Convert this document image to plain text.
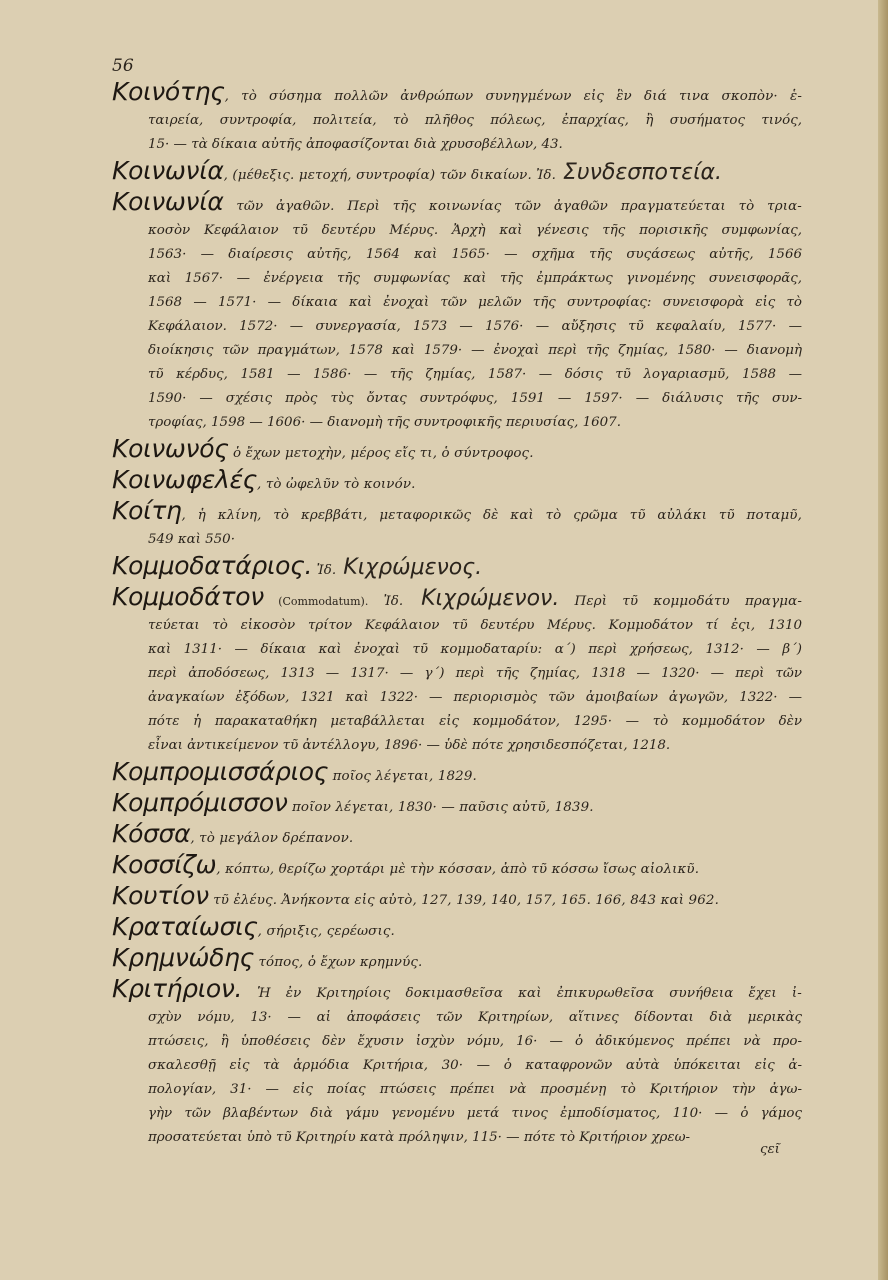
56
Κοινότης, τὸ σύσημα πολλῶν ἀνθρώπων συνηγμένων εἰς ἓν διά τινα σκοπὸν· ἑ-
ταιρεία, συντροφία, πολιτεία, τὸ πλῆθος πόλεως, ἐπαρχίας, ἢ συσήματος τινός,
15· — τὰ δίκαια αὐτῆς ἀποφασίζονται διὰ χρυσοβέλλων, 43.
Κοινωνία, (μέθεξις. μετοχή, συντροφία) τῶν δικαίων. Ἰδ. Συνδεσποτεία.
Κοινωνία τῶν ἀγαθῶν. Περὶ τῆς κοινωνίας τῶν ἀγαθῶν πραγματεύεται τὸ τρια-
κοσὸν Κεφάλαιον τῦ δευτέρυ Μέρυς. Ἀρχὴ καὶ γένεσις τῆς πορισικῆς συμφωνίας,
1563· — διαίρεσις αὐτῆς, 1564 καὶ 1565· — σχῆμα τῆς συςάσεως αὐτῆς, 1566
καὶ 1567· — ἐνέργεια τῆς συμφωνίας καὶ τῆς ἐμπράκτως γινομένης συνεισφορᾶς,
1568 — 1571· — δίκαια καὶ ἐνοχαὶ τῶν μελῶν τῆς συντροφίας: συνεισφορὰ εἰς τὸ
Κεφάλαιον. 1572· — συνεργασία, 1573 — 1576· — αὔξησις τῦ κεφαλαίυ, 1577· —
διοίκησις τῶν πραγμάτων, 1578 καὶ 1579· — ἐνοχαὶ περὶ τῆς ζημίας, 1580· — διανομὴ
τῦ κέρδυς, 1581 — 1586· — τῆς ζημίας, 1587· — δόσις τῦ λογαριασμῦ, 1588 —
1590· — σχέσις πρὸς τὺς ὄντας συντρόφυς, 1591 — 1597· — διάλυσις τῆς συν-
τροφίας, 1598 — 1606· — διανομὴ τῆς συντροφικῆς περιυσίας, 1607.
Κοινωνός ὁ ἔχων μετοχὴν, μέρος εἴς τι, ὁ σύντροφος.
Κοινωφελές, τὸ ὠφελῦν τὸ κοινόν.
Κοίτη, ἡ κλίνη, τὸ κρεββάτι, μεταφορικῶς δὲ καὶ τὸ ςρῶμα τῦ αὐλάκι τῦ ποταμῦ,
549 καὶ 550·
Κομμοδατάριος. Ἰδ. Κιχρώμενος.
Κομμοδάτον (Commodatum). Ἰδ. Κιχρώμενον. Περὶ τῦ κομμοδάτυ πραγμα-
τεύεται τὸ εἰκοσὸν τρίτον Κεφάλαιον τῦ δευτέρυ Μέρυς. Κομμοδάτον τί ἐςι, 1310
καὶ 1311· — δίκαια καὶ ἐνοχαὶ τῦ κομμοδαταρίυ: α΄) περὶ χρήσεως, 1312· — β΄)
περὶ ἀποδόσεως, 1313 — 1317· — γ΄) περὶ τῆς ζημίας, 1318 — 1320· — περὶ τῶν
ἀναγκαίων ἐξόδων, 1321 καὶ 1322· — περιορισμὸς τῶν ἀμοιβαίων ἀγωγῶν, 1322· —
πότε ἡ παρακαταθήκη μεταβάλλεται εἰς κομμοδάτον, 1295· — τὸ κομμοδάτον δὲν
εἶναι ἀντικείμενον τῦ ἀντέλλογυ, 1896· — ὑδὲ πότε χρησιδεσπόζεται, 1218.
Κομπρομισσάριος ποῖος λέγεται, 1829.
Κομπρόμισσον ποῖον λέγεται, 1830· — παῦσις αὐτῦ, 1839.
Κόσσα, τὸ μεγάλον δρέπανον.
Κοσσίζω, κόπτω, θερίζω χορτάρι μὲ τὴν κόσσαν, ἀπὸ τῦ κόσσω ἴσως αἰολικῦ.
Κουτίον τῦ ἐλέυς. Ἀνήκοντα εἰς αὐτὸ, 127, 139, 140, 157, 165. 166, 843 καὶ 962.
Κραταίωσις, σήριξις, ςερέωσις.
Κρημνώδης τόπος, ὁ ἔχων κρημνύς.
Κριτήριον. Ἡ ἐν Κριτηρίοις δοκιμασθεῖσα καὶ ἐπικυρωθεῖσα συνήθεια ἔχει ἰ-
σχὺν νόμυ, 13· — αἱ ἀποφάσεις τῶν Κριτηρίων, αἵτινες δίδονται διὰ μερικὰς
πτώσεις, ἢ ὑποθέσεις δὲν ἔχυσιν ἰσχὺν νόμυ, 16· — ὁ ἀδικύμενος πρέπει νὰ προ-
σκαλεσθῇ εἰς τὰ ἁρμόδια Κριτήρια, 30· — ὁ καταφρονῶν αὐτὰ ὑπόκειται εἰς ἀ-
πολογίαν, 31· — εἰς ποίας πτώσεις πρέπει νὰ προσμένῃ τὸ Κριτήριον τὴν ἀγω-
γὴν τῶν βλαβέντων διὰ γάμυ γενομένυ μετά τινος ἐμποδίσματος, 110· — ὁ γάμος
προσατεύεται ὑπὸ τῦ Κριτηρίυ κατὰ πρόληψιν, 115· — πότε τὸ Κριτήριον χρεω-
ςεῖ
